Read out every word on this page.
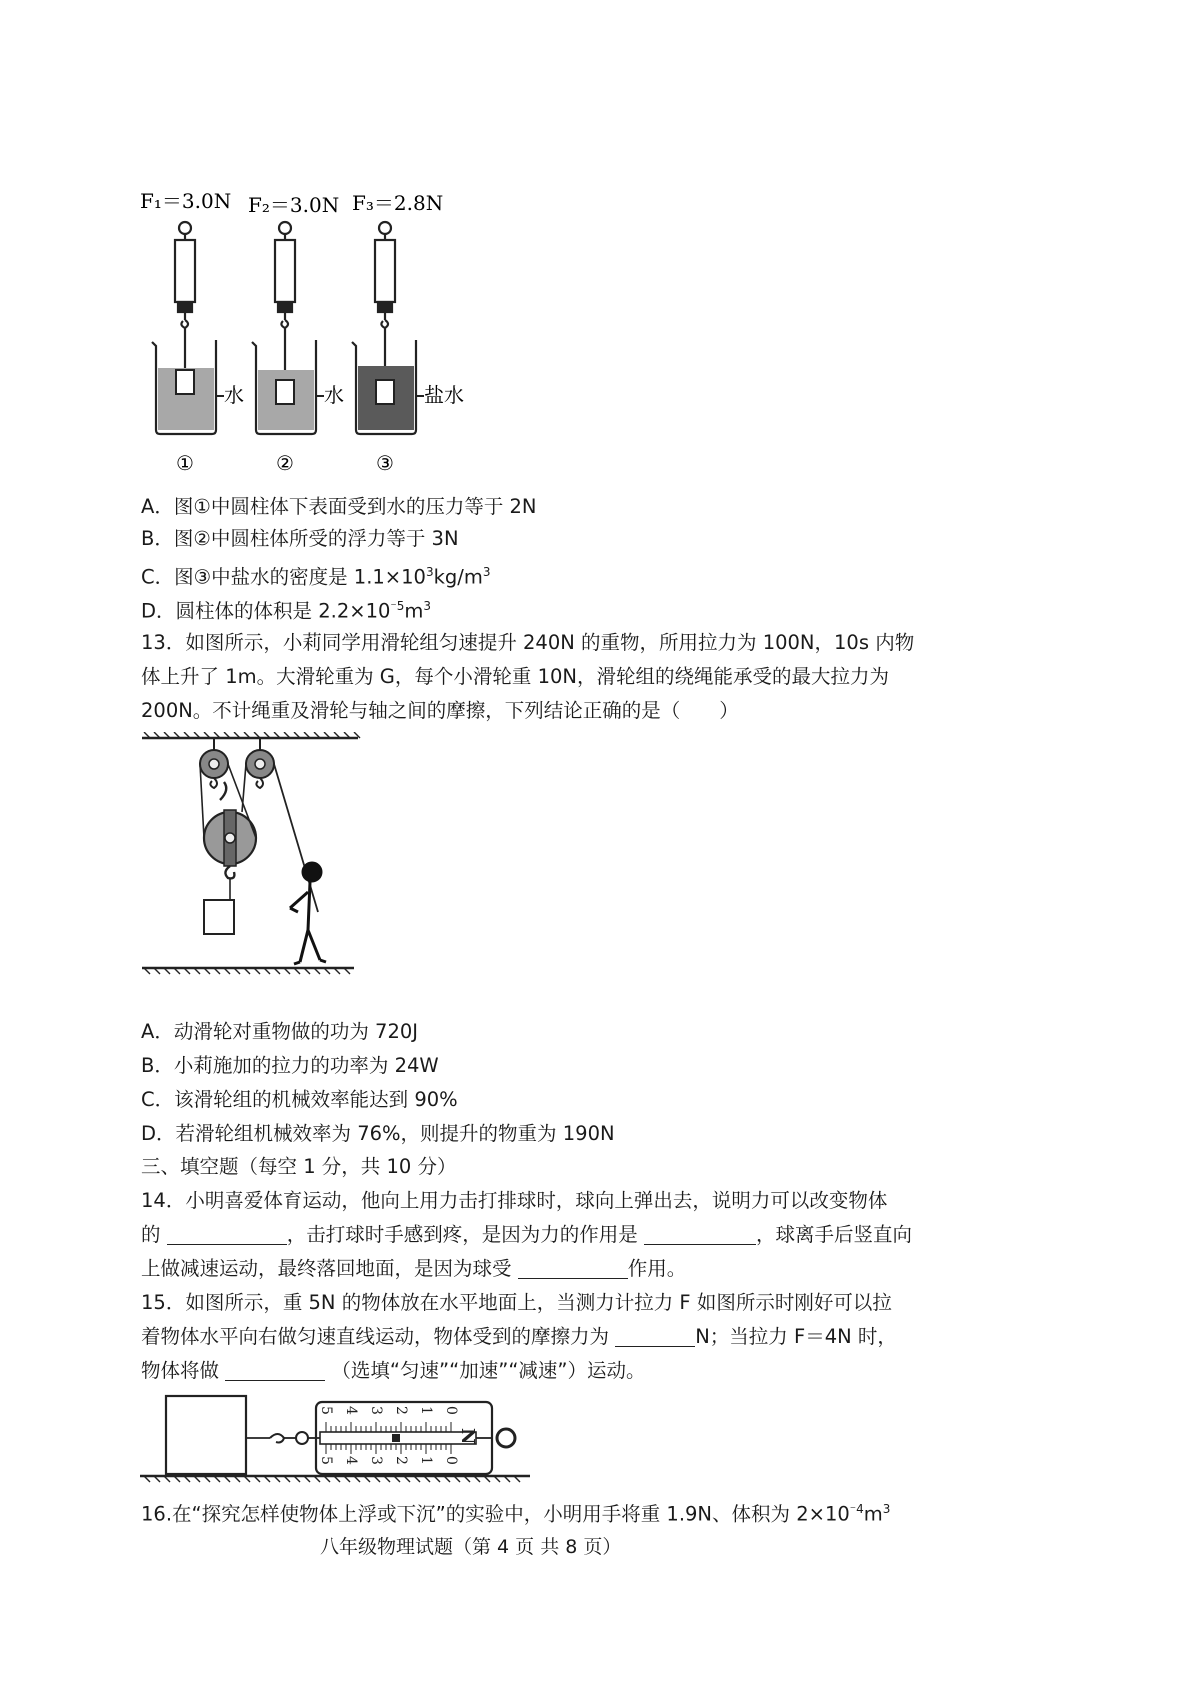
F₁＝3.0N F₂＝3.0N F₃＝2.8N
水	水	盐水
①	②	③
A．图①中圆柱体下表面受到水的压力等于 2N
B．图②中圆柱体所受的浮力等于 3N
C．图③中盐水的密度是 $1.1\times 10^3kg/m^3$
D．圆柱体的体积是 $2.2\times 10^{^-5}m^3$
13．如图所示，小莉同学用滑轮组匀速提升 240N 的重物，所用拉力为 100N，10s 内物
体上升了 1m。大滑轮重为 G，每个小滑轮重 10N，滑轮组的绕绳能承受的最大拉力为
200N。不计绳重及滑轮与轴之间的摩擦，下列结论正确的是（　　）
A．动滑轮对重物做的功为 720J
B．小莉施加的拉力的功率为 24W
C．该滑轮组的机械效率能达到 90%
D．若滑轮组机械效率为 76%，则提升的物重为 190N
三、填空题（每空 1 分，共 10 分）
14．小明喜爱体育运动，他向上用力击打排球时，球向上弹出去，说明力可以改变物体
的	，击打球时手感到疼，是因为力的作用是	，球离手后竖直向
上做减速运动，最终落回地面，是因为球受	作用。
15．如图所示，重 5N 的物体放在水平地面上，当测力计拉力 F 如图所示时刚好可以拉
着物体水平向右做匀速直线运动，物体受到的摩擦力为	N；当拉力 F＝4N 时，
物体将做	（选填“匀速”“加速”“减速”）运动。
5 4 3 2 1 0
5 4 3 2 1 0
N
16.在“探究怎样使物体上浮或下沉”的实验中，小明用手将重 1.9N、体积为 $2\times 10^{^-4}m^3$
八年级物理试题（第 4 页 共 8 页）
